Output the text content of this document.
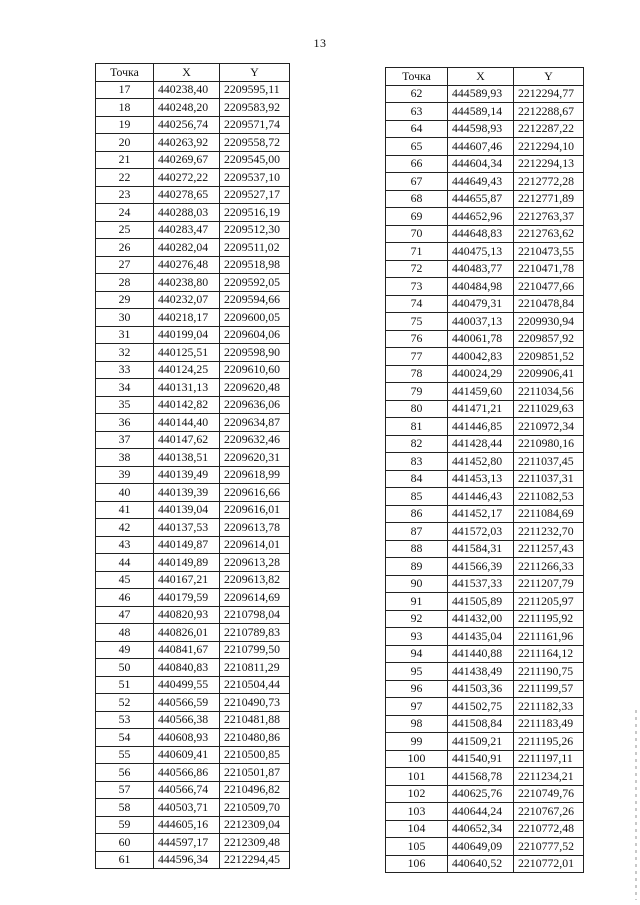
13
Точка	X	Y
17	440238,40	2209595,11
18	440248,20	2209583,92
19	440256,74	2209571,74
20	440263,92	2209558,72
21	440269,67	2209545,00
22	440272,22	2209537,10
23	440278,65	2209527,17
24	440288,03	2209516,19
25	440283,47	2209512,30
26	440282,04	2209511,02
27	440276,48	2209518,98
28	440238,80	2209592,05
29	440232,07	2209594,66
30	440218,17	2209600,05
31	440199,04	2209604,06
32	440125,51	2209598,90
33	440124,25	2209610,60
34	440131,13	2209620,48
35	440142,82	2209636,06
36	440144,40	2209634,87
37	440147,62	2209632,46
38	440138,51	2209620,31
39	440139,49	2209618,99
40	440139,39	2209616,66
41	440139,04	2209616,01
42	440137,53	2209613,78
43	440149,87	2209614,01
44	440149,89	2209613,28
45	440167,21	2209613,82
46	440179,59	2209614,69
47	440820,93	2210798,04
48	440826,01	2210789,83
49	440841,67	2210799,50
50	440840,83	2210811,29
51	440499,55	2210504,44
52	440566,59	2210490,73
53	440566,38	2210481,88
54	440608,93	2210480,86
55	440609,41	2210500,85
56	440566,86	2210501,87
57	440566,74	2210496,82
58	440503,71	2210509,70
59	444605,16	2212309,04
60	444597,17	2212309,48
61	444596,34	2212294,45
Точка	X	Y
62	444589,93	2212294,77
63	444589,14	2212288,67
64	444598,93	2212287,22
65	444607,46	2212294,10
66	444604,34	2212294,13
67	444649,43	2212772,28
68	444655,87	2212771,89
69	444652,96	2212763,37
70	444648,83	2212763,62
71	440475,13	2210473,55
72	440483,77	2210471,78
73	440484,98	2210477,66
74	440479,31	2210478,84
75	440037,13	2209930,94
76	440061,78	2209857,92
77	440042,83	2209851,52
78	440024,29	2209906,41
79	441459,60	2211034,56
80	441471,21	2211029,63
81	441446,85	2210972,34
82	441428,44	2210980,16
83	441452,80	2211037,45
84	441453,13	2211037,31
85	441446,43	2211082,53
86	441452,17	2211084,69
87	441572,03	2211232,70
88	441584,31	2211257,43
89	441566,39	2211266,33
90	441537,33	2211207,79
91	441505,89	2211205,97
92	441432,00	2211195,92
93	441435,04	2211161,96
94	441440,88	2211164,12
95	441438,49	2211190,75
96	441503,36	2211199,57
97	441502,75	2211182,33
98	441508,84	2211183,49
99	441509,21	2211195,26
100	441540,91	2211197,11
101	441568,78	2211234,21
102	440625,76	2210749,76
103	440644,24	2210767,26
104	440652,34	2210772,48
105	440649,09	2210777,52
106	440640,52	2210772,01
